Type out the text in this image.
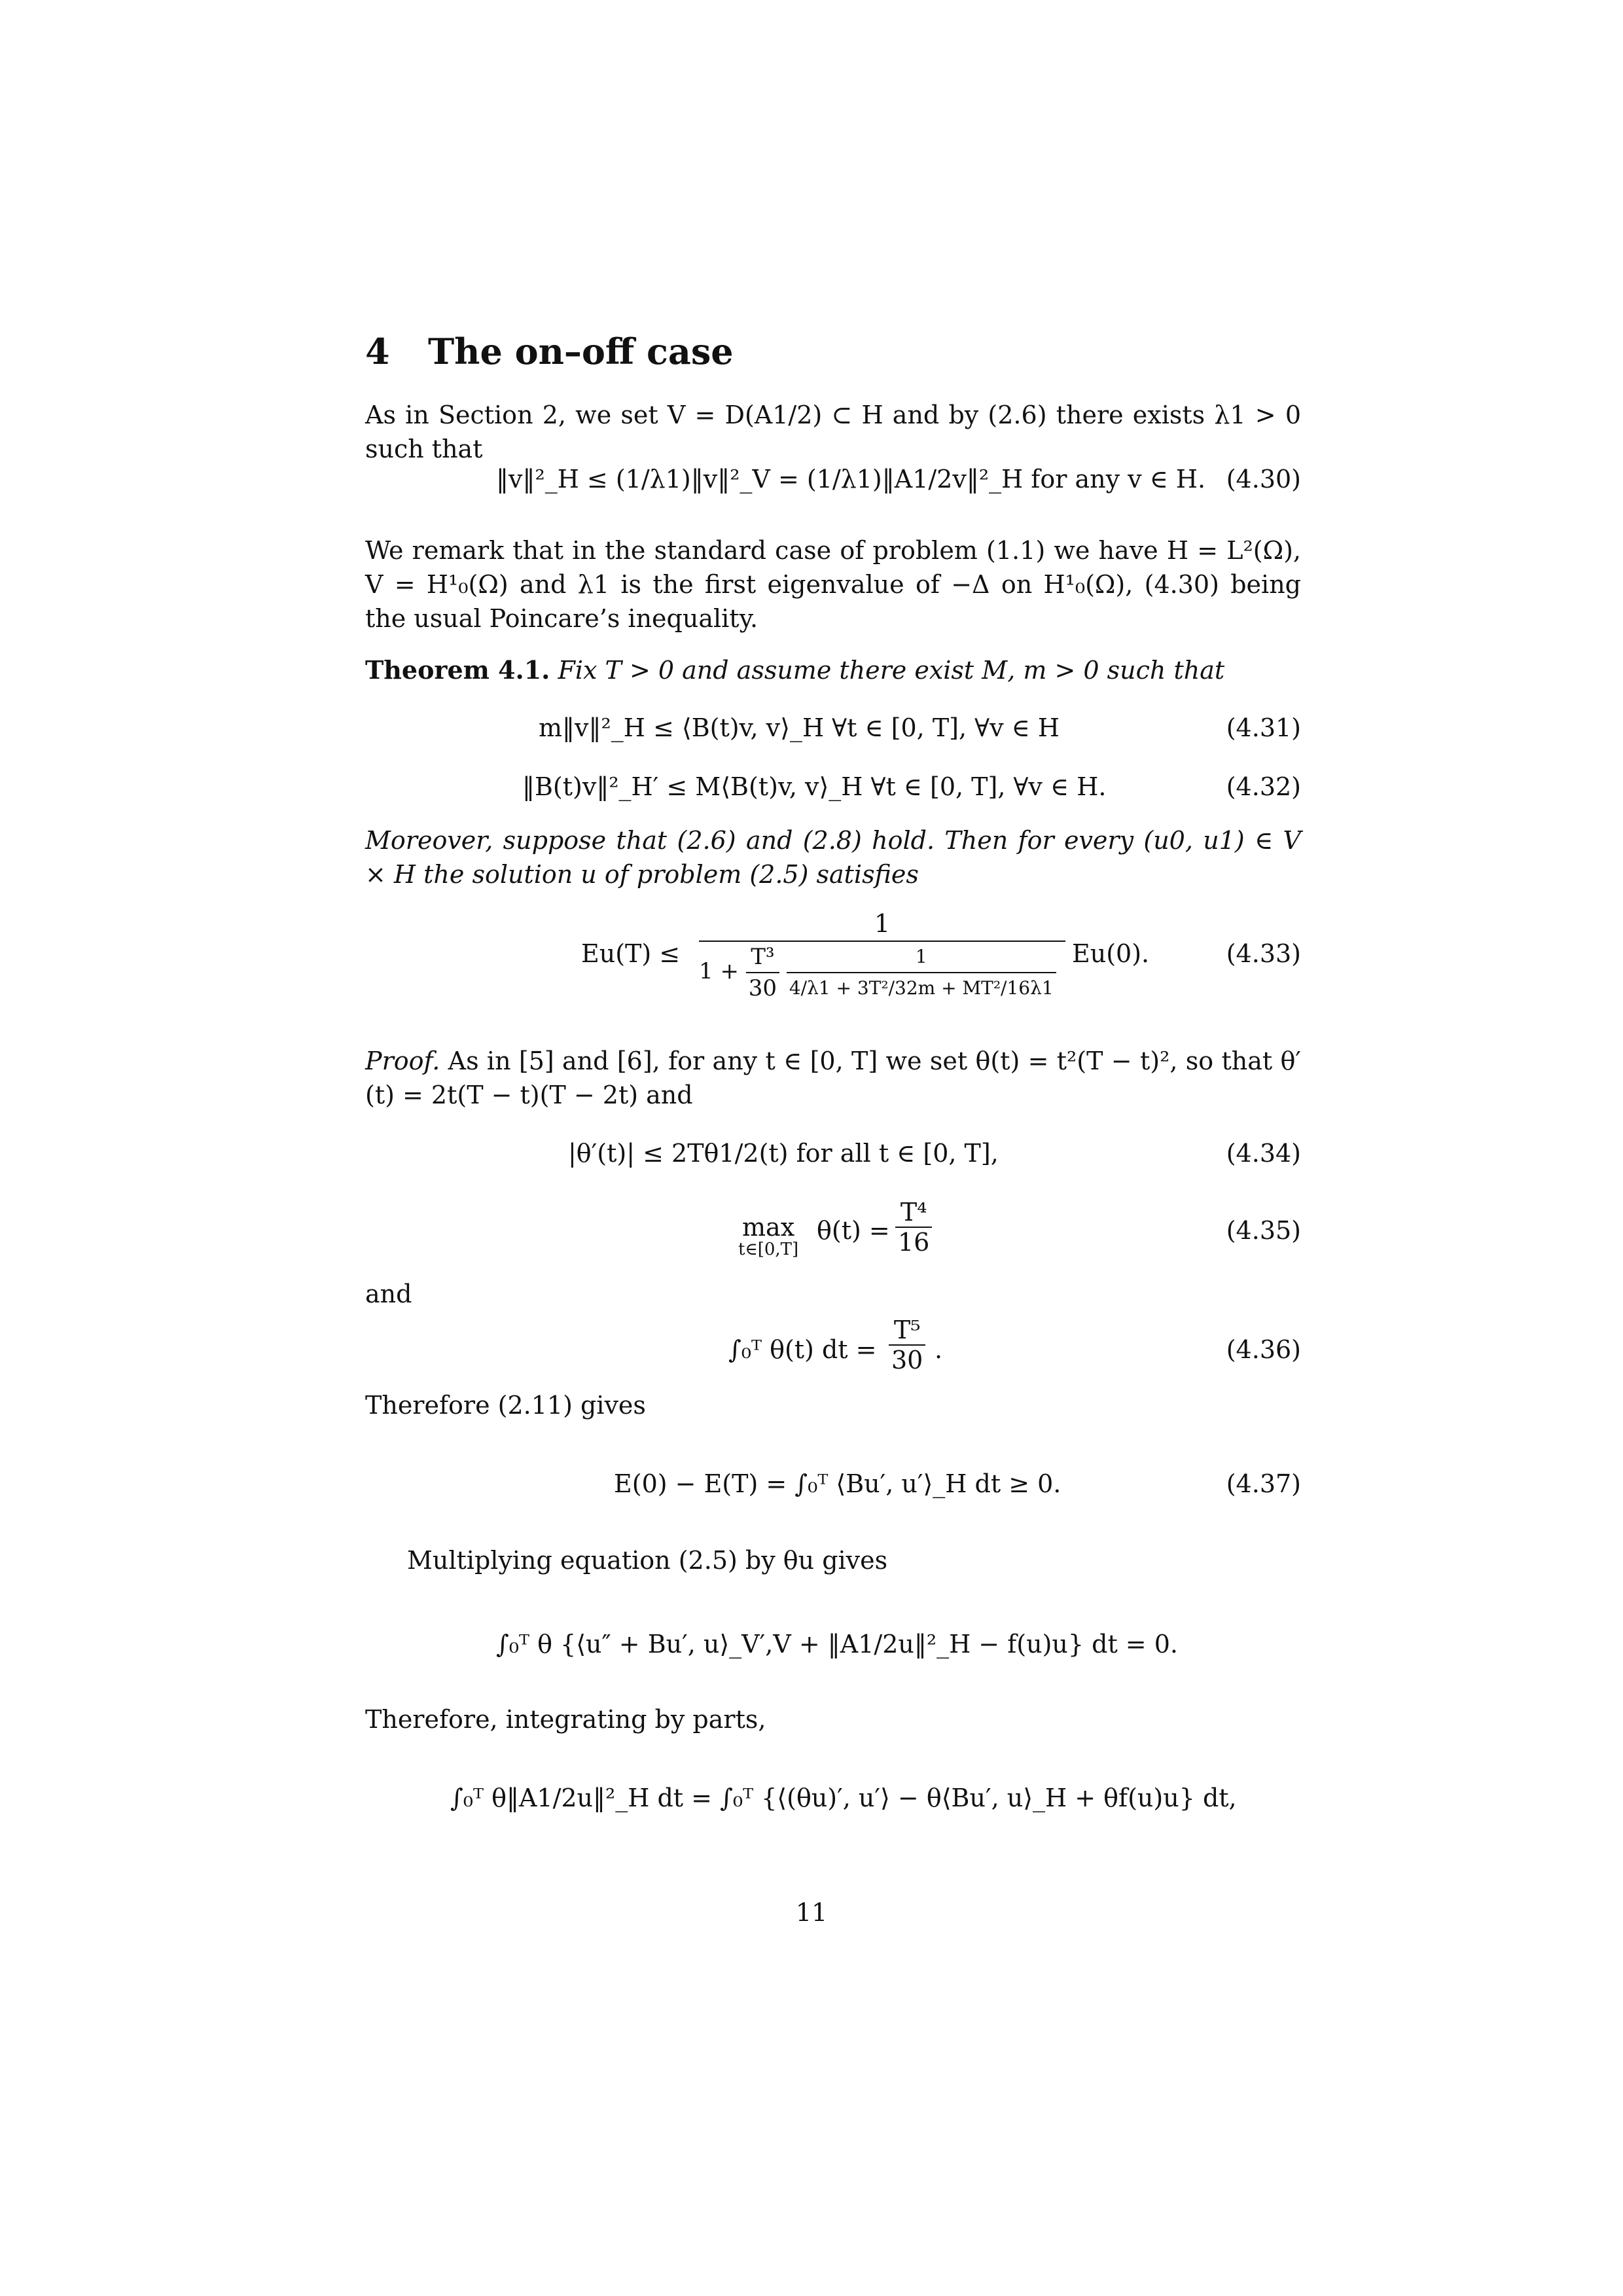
4 The on–off case
As in Section 2, we set V = D(A1/2) ⊂ H and by (2.6) there exists λ1 > 0 such that
‖v‖²_H ≤ (1/λ1)‖v‖²_V = (1/λ1)‖A1/2v‖²_H for any v ∈ H. (4.30)
We remark that in the standard case of problem (1.1) we have H = L²(Ω), V = H¹₀(Ω) and λ1 is the first eigenvalue of −Δ on H¹₀(Ω), (4.30) being the usual Poincare’s inequality.
Theorem 4.1. Fix T > 0 and assume there exist M, m > 0 such that
m‖v‖²_H ≤ ⟨B(t)v, v⟩_H ∀t ∈ [0, T], ∀v ∈ H	(4.31)
‖B(t)v‖²_H′ ≤ M⟨B(t)v, v⟩_H ∀t ∈ [0, T], ∀v ∈ H.	(4.32)
Moreover, suppose that (2.6) and (2.8) hold. Then for every (u0, u1) ∈ V × H the solution u of problem (2.5) satisfies
Eu(T) ≤
1
$1 + \frac{\text{T³}}{30}$
$\frac{1}{\text{4/λ1 + 3T²/32m + MT²/16λ1}} Eu(0)$.	(4.33)
Proof. As in [5] and [6], for any t ∈ [0, T] we set θ(t) = t²(T − t)², so that θ′(t) = 2t(T − t)(T − 2t) and
|θ′(t)| ≤ 2Tθ1/2(t) for all t ∈ [0, T],	(4.34)
max
t∈[0,T]
$\theta(t) = \frac{\text{T⁴}}{16}$	(4.35)
and
∫₀ᵀ θ(t) dt = $\frac{\text{T⁵}}{30}$ .	(4.36)
Therefore (2.11) gives
E(0) − E(T) = ∫₀ᵀ ⟨Bu′, u′⟩_H dt ≥ 0.	(4.37)
Multiplying equation (2.5) by θu gives
∫₀ᵀ θ {⟨u″ + Bu′, u⟩_V′,V + ‖A1/2u‖²_H − f(u)u} dt = 0.
Therefore, integrating by parts,
∫₀ᵀ θ‖A1/2u‖²_H dt = ∫₀ᵀ {⟨(θu)′, u′⟩ − θ⟨Bu′, u⟩_H + θf(u)u} dt,
11
